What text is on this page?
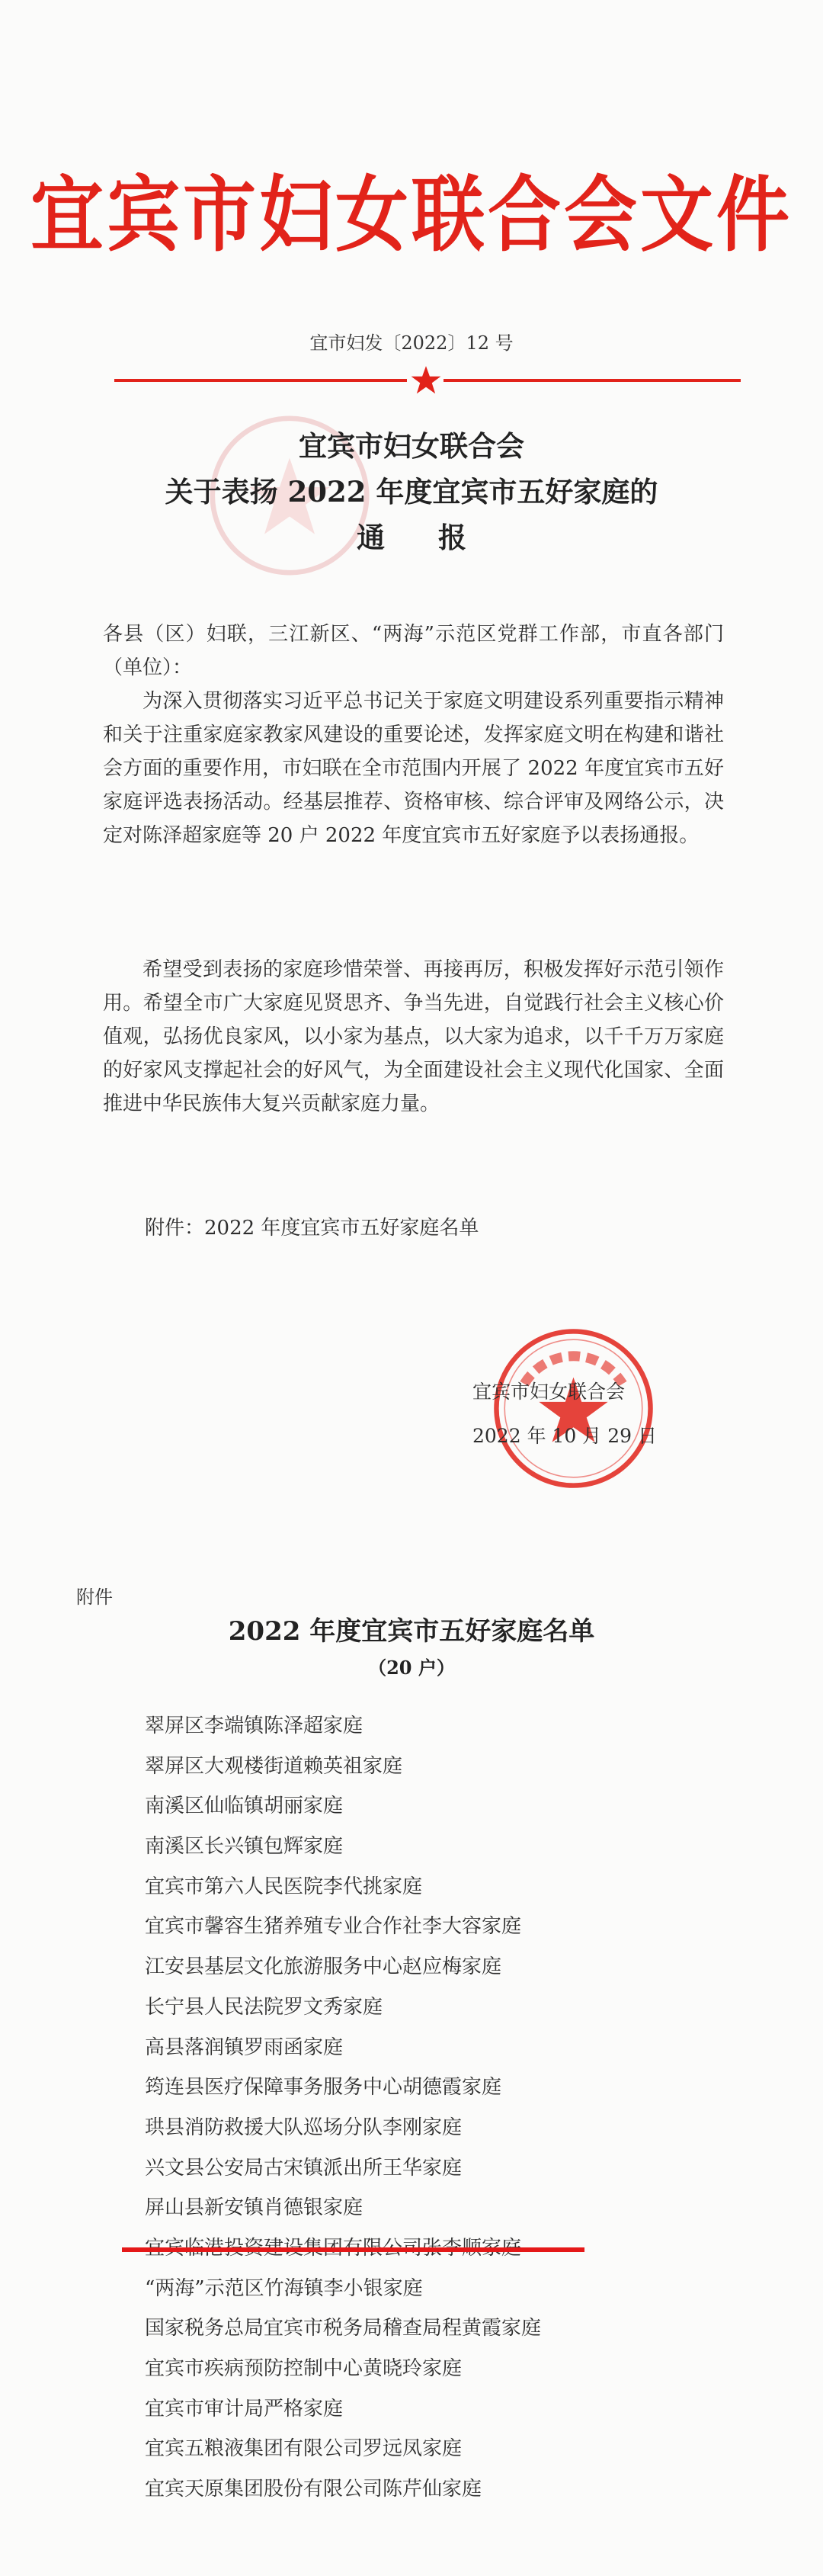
宜宾市妇女联合会文件
宜市妇发〔2022〕12 号
宜宾市妇女联合会
关于表扬 2022 年度宜宾市五好家庭的
通报
各县（区）妇联，三江新区、“两海”示范区党群工作部，市直各部门（单位）：
为深入贯彻落实习近平总书记关于家庭文明建设系列重要指示精神和关于注重家庭家教家风建设的重要论述，发挥家庭文明在构建和谐社会方面的重要作用，市妇联在全市范围内开展了 2022 年度宜宾市五好家庭评选表扬活动。经基层推荐、资格审核、综合评审及网络公示，决定对陈泽超家庭等 20 户 2022 年度宜宾市五好家庭予以表扬通报。
希望受到表扬的家庭珍惜荣誉、再接再厉，积极发挥好示范引领作用。希望全市广大家庭见贤思齐、争当先进，自觉践行社会主义核心价值观，弘扬优良家风，以小家为基点，以大家为追求，以千千万万家庭的好家风支撑起社会的好风气，为全面建设社会主义现代化国家、全面推进中华民族伟大复兴贡献家庭力量。
附件：2022 年度宜宾市五好家庭名单
宜宾市妇女联合会
2022 年 10 月 29 日
附件
2022 年度宜宾市五好家庭名单
（20 户）
翠屏区李端镇陈泽超家庭
翠屏区大观楼街道赖英祖家庭
南溪区仙临镇胡丽家庭
南溪区长兴镇包辉家庭
宜宾市第六人民医院李代挑家庭
宜宾市馨容生猪养殖专业合作社李大容家庭
江安县基层文化旅游服务中心赵应梅家庭
长宁县人民法院罗文秀家庭
高县落润镇罗雨函家庭
筠连县医疗保障事务服务中心胡德霞家庭
珙县消防救援大队巡场分队李刚家庭
兴文县公安局古宋镇派出所王华家庭
屏山县新安镇肖德银家庭
“两海”示范区竹海镇李小银家庭
国家税务总局宜宾市税务局稽查局程黄霞家庭
宜宾市疾病预防控制中心黄晓玲家庭
宜宾市审计局严格家庭
宜宾五粮液集团有限公司罗远凤家庭
宜宾天原集团股份有限公司陈芹仙家庭
